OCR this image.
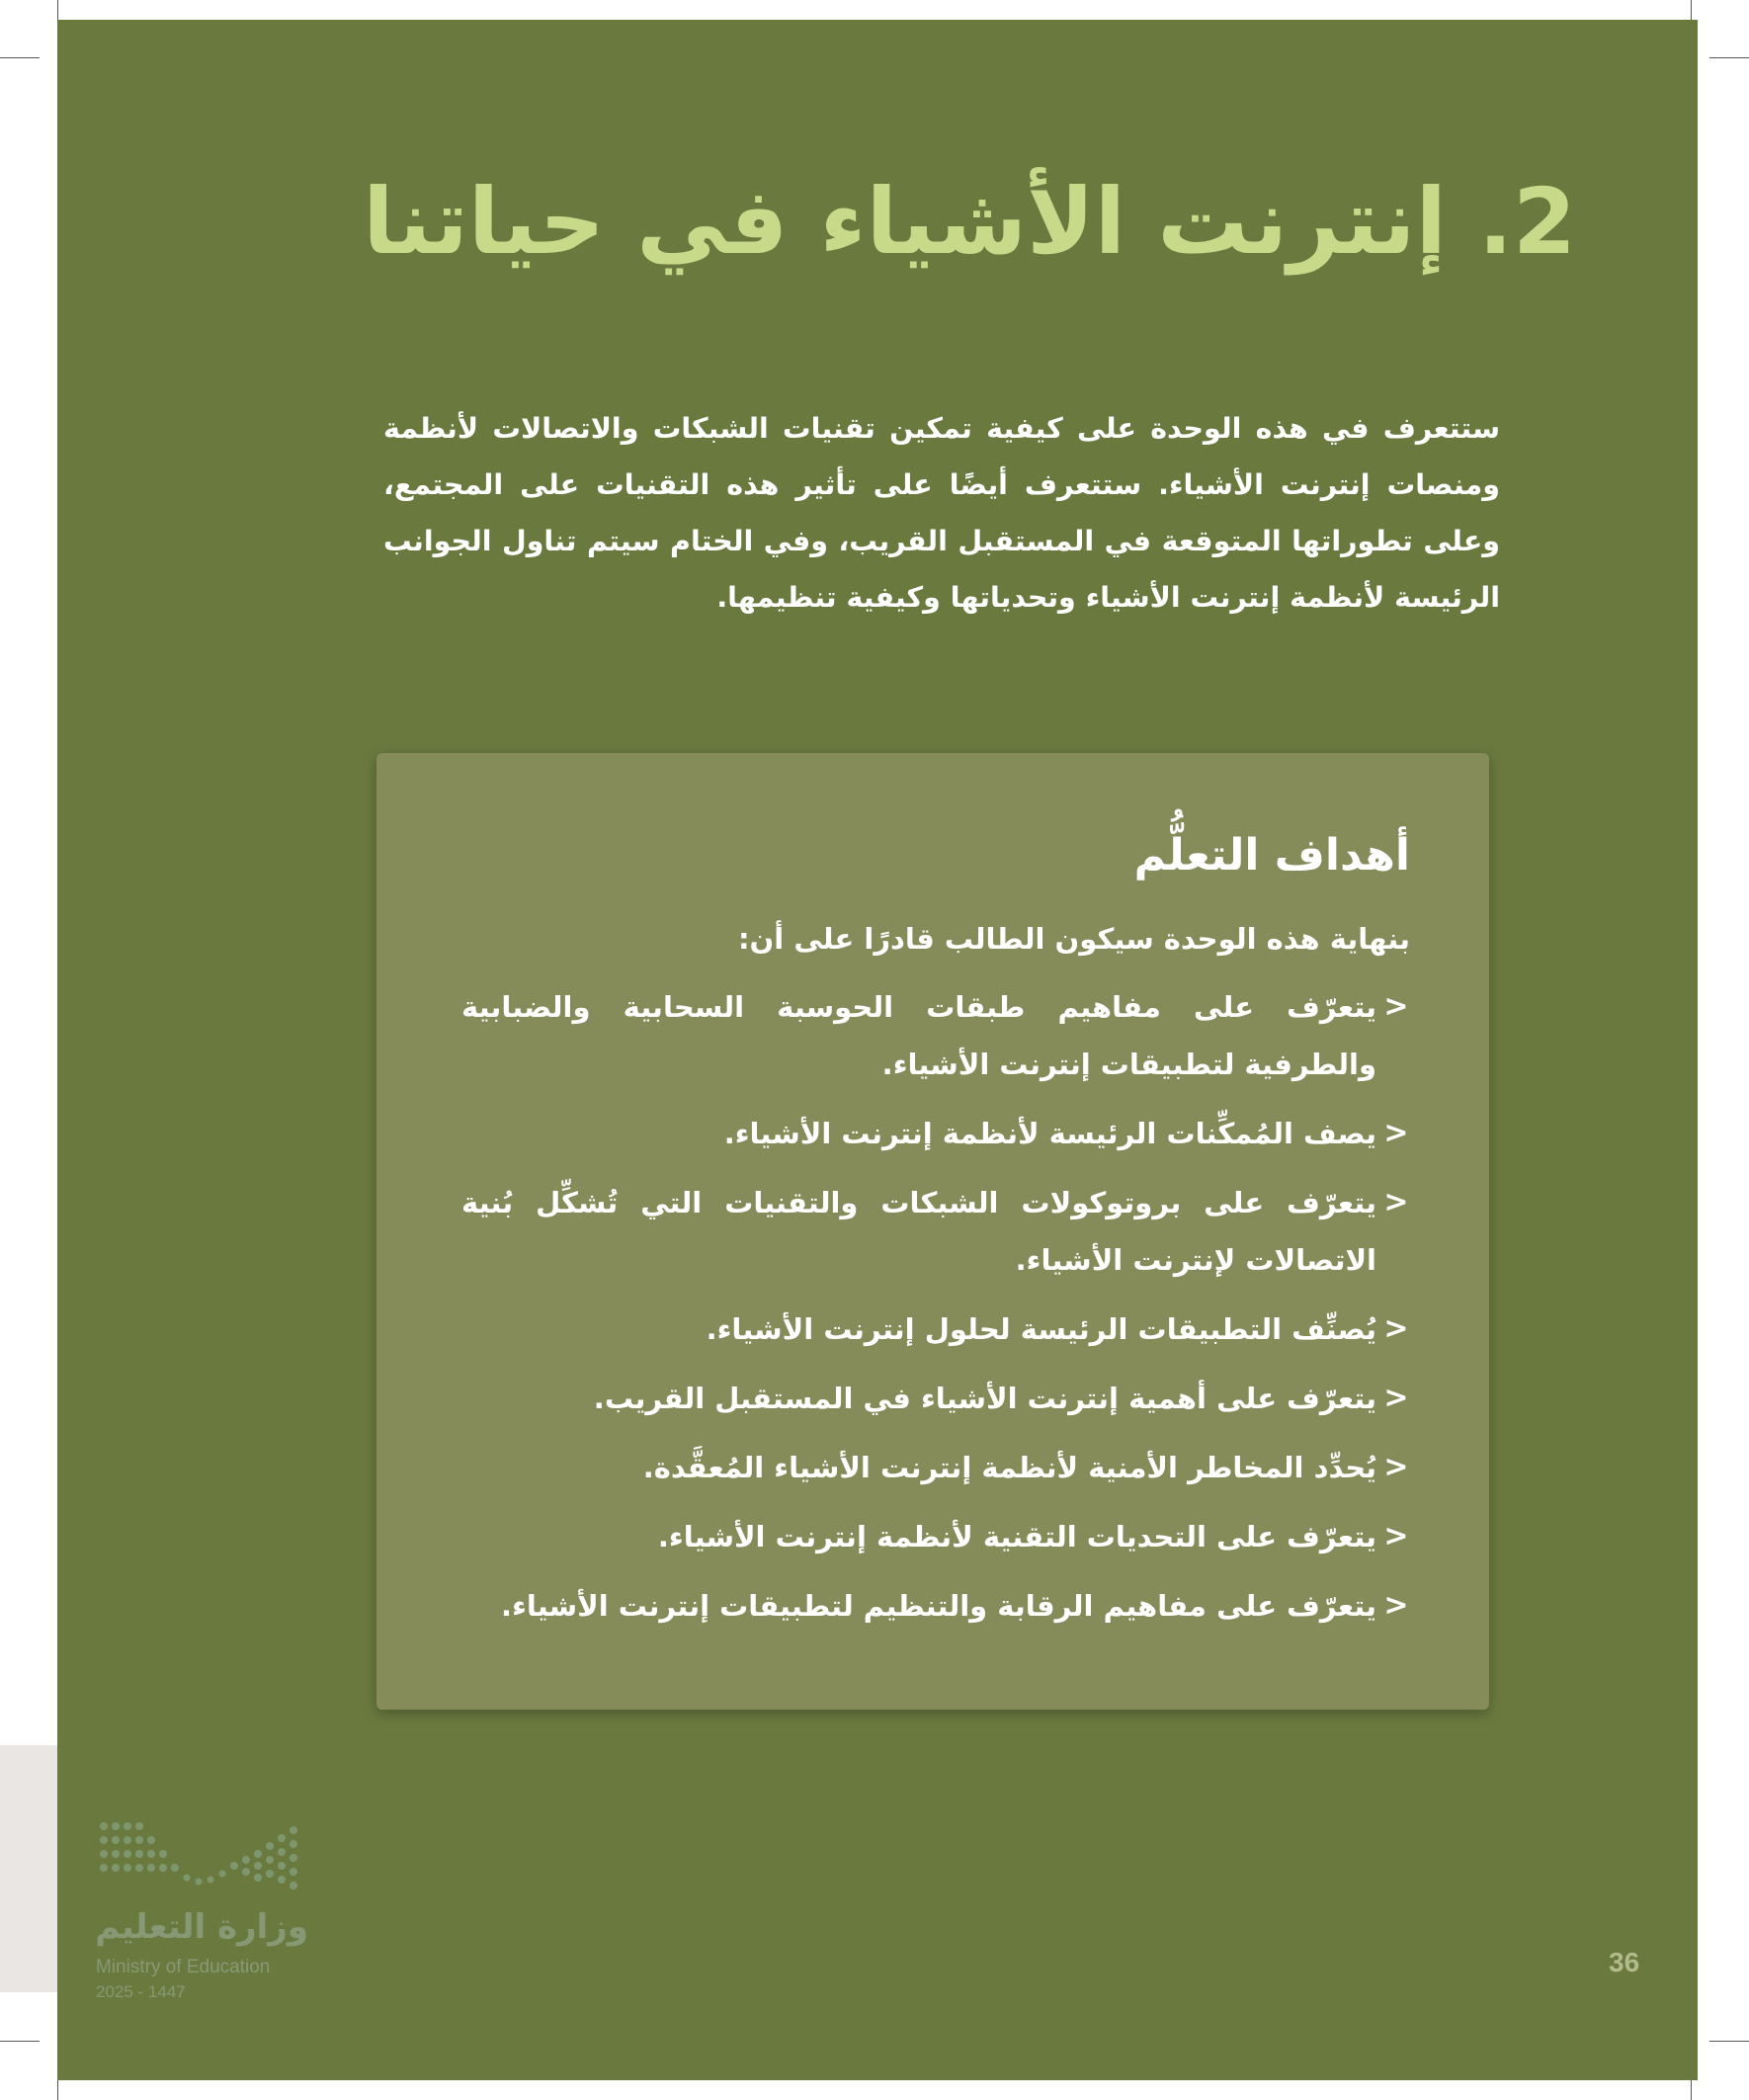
2. إنترنت الأشياء في حياتنا

ستتعرف في هذه الوحدة على كيفية تمكين تقنيات الشبكات والاتصالات لأنظمة ومنصات إنترنت الأشياء. ستتعرف أيضًا على تأثير هذه التقنيات على المجتمع، وعلى تطوراتها المتوقعة في المستقبل القريب، وفي الختام سيتم تناول الجوانب الرئيسة لأنظمة إنترنت الأشياء وتحدياتها وكيفية تنظيمها.

أهداف التعلُّم
بنهاية هذه الوحدة سيكون الطالب قادرًا على أن:
<
يتعرّف على مفاهيم طبقات الحوسبة السحابية والضبابية والطرفية لتطبيقات إنترنت الأشياء.
<
يصف المُمكِّنات الرئيسة لأنظمة إنترنت الأشياء.
<
يتعرّف على بروتوكولات الشبكات والتقنيات التي تُشكِّل بُنية الاتصالات لإنترنت الأشياء.
<
يُصنِّف التطبيقات الرئيسة لحلول إنترنت الأشياء.
<
يتعرّف على أهمية إنترنت الأشياء في المستقبل القريب.
<
يُحدِّد المخاطر الأمنية لأنظمة إنترنت الأشياء المُعقَّدة.
<
يتعرّف على التحديات التقنية لأنظمة إنترنت الأشياء.
<
يتعرّف على مفاهيم الرقابة والتنظيم لتطبيقات إنترنت الأشياء.
وزارة التعليم
Ministry of Education
2025 - 1447
36
